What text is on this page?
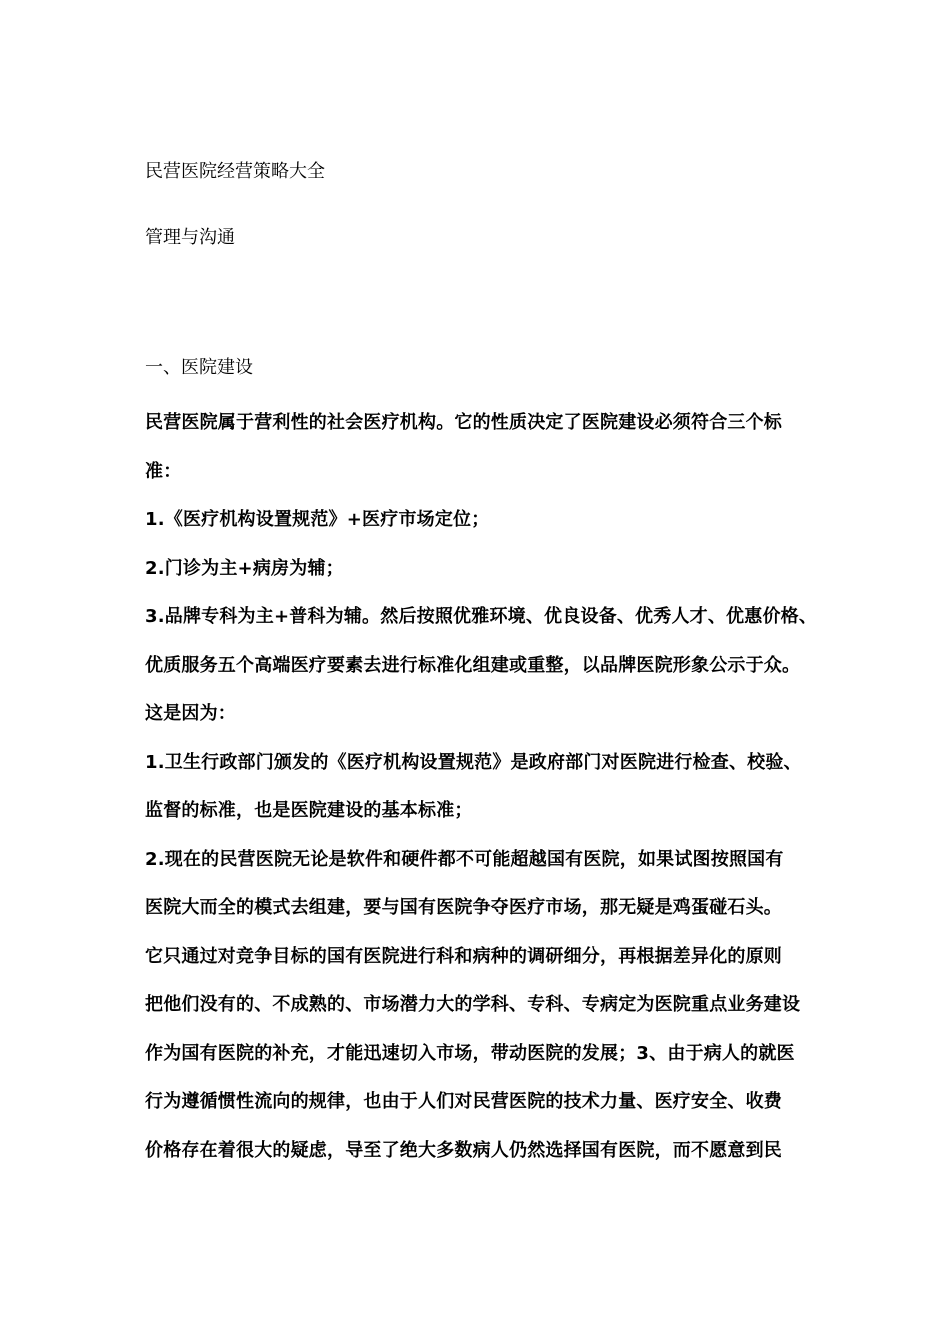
民营医院经营策略大全
管理与沟通
一、医院建设

民营医院属于营利性的社会医疗机构。它的性质决定了医院建设必须符合三个标

准：

1.《医疗机构设置规范》+医疗市场定位；

2.门诊为主+病房为辅；

3.品牌专科为主+普科为辅。然后按照优雅环境、优良设备、优秀人才、优惠价格、

优质服务五个高端医疗要素去进行标准化组建或重整，以品牌医院形象公示于众。

这是因为：

1.卫生行政部门颁发的《医疗机构设置规范》是政府部门对医院进行检查、校验、

监督的标准，也是医院建设的基本标准；

2.现在的民营医院无论是软件和硬件都不可能超越国有医院，如果试图按照国有

医院大而全的模式去组建，要与国有医院争夺医疗市场，那无疑是鸡蛋碰石头。

它只通过对竞争目标的国有医院进行科和病种的调研细分，再根据差异化的原则

把他们没有的、不成熟的、市场潜力大的学科、专科、专病定为医院重点业务建设

作为国有医院的补充，才能迅速切入市场，带动医院的发展；3、由于病人的就医

行为遵循惯性流向的规律，也由于人们对民营医院的技术力量、医疗安全、收费

价格存在着很大的疑虑，导至了绝大多数病人仍然选择国有医院，而不愿意到民
